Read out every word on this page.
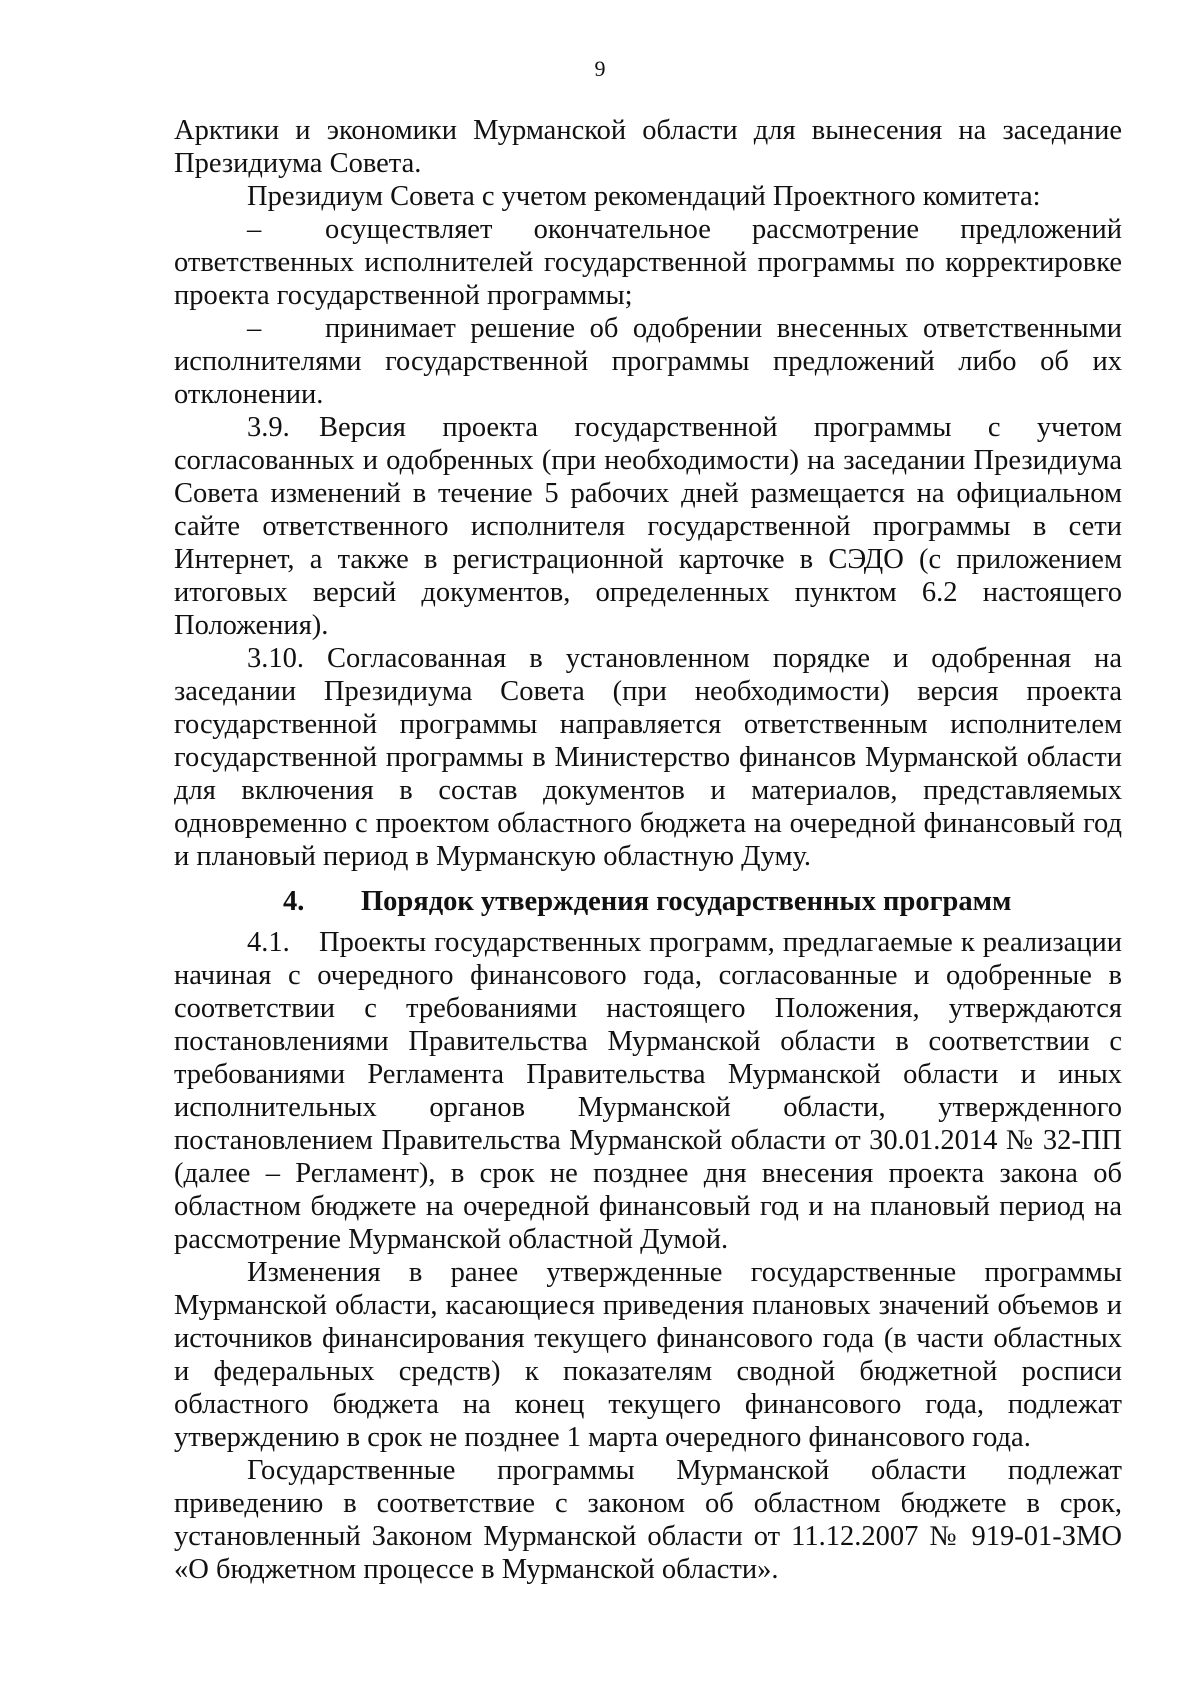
9

Арктики и экономики Мурманской области для вынесения на заседание Президиума Совета.

Президиум Совета с учетом рекомендаций Проектного комитета:

– осуществляет окончательное рассмотрение предложений ответственных исполнителей государственной программы по корректировке проекта государственной программы;

– принимает решение об одобрении внесенных ответственными исполнителями государственной программы предложений либо об их отклонении.

3.9. Версия проекта государственной программы с учетом согласованных и одобренных (при необходимости) на заседании Президиума Совета изменений в течение 5 рабочих дней размещается на официальном сайте ответственного исполнителя государственной программы в сети Интернет, а также в регистрационной карточке в СЭДО (с приложением итоговых версий документов, определенных пунктом 6.2 настоящего Положения).

3.10. Согласованная в установленном порядке и одобренная на заседании Президиума Совета (при необходимости) версия проекта государственной программы направляется ответственным исполнителем государственной программы в Министерство финансов Мурманской области для включения в состав документов и материалов, представляемых одновременно с проектом областного бюджета на очередной финансовый год и плановый период в Мурманскую областную Думу.

4. Порядок утверждения государственных программ

4.1. Проекты государственных программ, предлагаемые к реализации начиная с очередного финансового года, согласованные и одобренные в соответствии с требованиями настоящего Положения, утверждаются постановлениями Правительства Мурманской области в соответствии с требованиями Регламента Правительства Мурманской области и иных исполнительных органов Мурманской области, утвержденного постановлением Правительства Мурманской области от 30.01.2014 № 32-ПП (далее – Регламент), в срок не позднее дня внесения проекта закона об областном бюджете на очередной финансовый год и на плановый период на рассмотрение Мурманской областной Думой.

Изменения в ранее утвержденные государственные программы Мурманской области, касающиеся приведения плановых значений объемов и источников финансирования текущего финансового года (в части областных и федеральных средств) к показателям сводной бюджетной росписи областного бюджета на конец текущего финансового года, подлежат утверждению в срок не позднее 1 марта очередного финансового года.

Государственные программы Мурманской области подлежат приведению в соответствие с законом об областном бюджете в срок, установленный Законом Мурманской области от 11.12.2007 № 919-01-ЗМО «О бюджетном процессе в Мурманской области».
